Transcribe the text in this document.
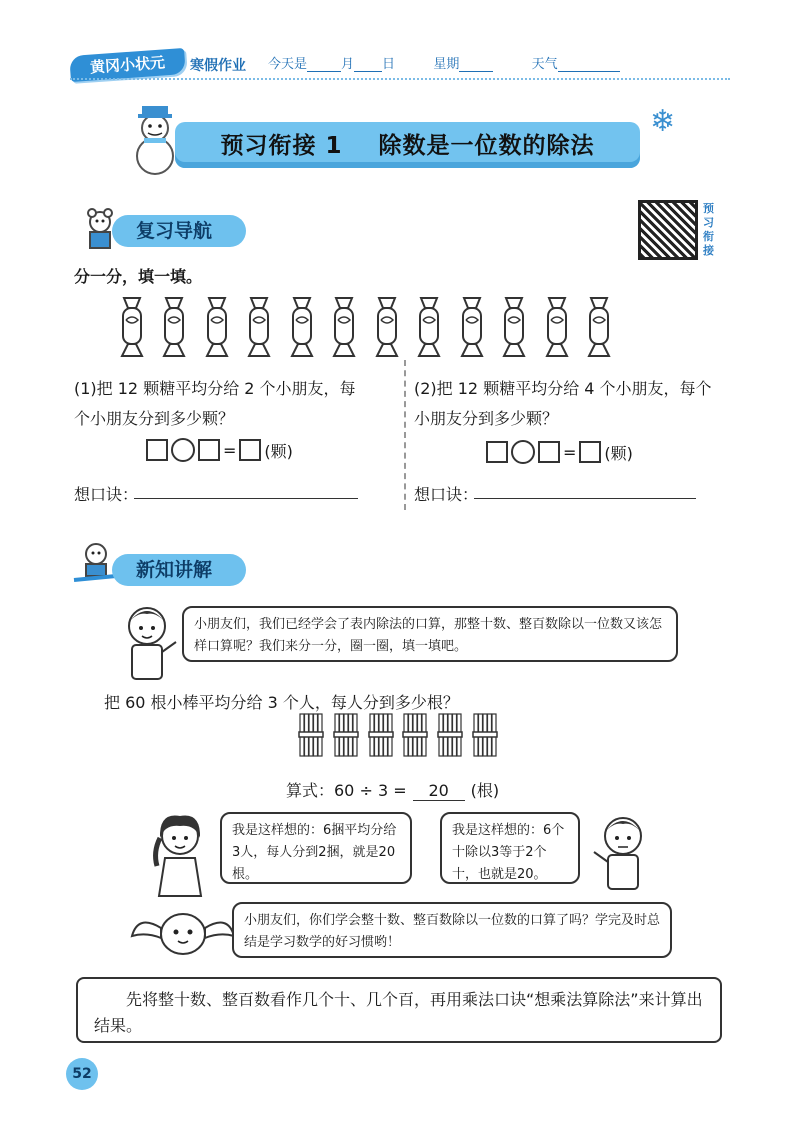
黄冈小状元	寒假作业 今天是	月 日	星期	天气
预习衔接 1 除数是一位数的除法
❄
复习导航
预
习
衔
接
分一分，填一填。
(1)把 12 颗糖平均分给 2 个小朋友，每
个小朋友分到多少颗？
= (颗)
想口诀：
(2)把 12 颗糖平均分给 4 个小朋友，每个
小朋友分到多少颗？
= (颗)
想口诀：
新知讲解
小朋友们，我们已经学会了表内除法的口算，那整十数、整百数除以一位数又该怎样口算呢？我们来分一分，圈一圈，填一填吧。
把 60 根小棒平均分给 3 个人，每人分到多少根？
算式：60 ÷ 3 =	20	(根)
我是这样想的：6捆平均分给3人，每人分到2捆，就是20根。
我是这样想的：6个十除以3等于2个十，也就是20。
小朋友们，你们学会整十数、整百数除以一位数的口算了吗？学完及时总结是学习数学的好习惯哟！
先将整十数、整百数看作几个十、几个百，再用乘法口诀“想乘法算除法”来计算出结果。
52
